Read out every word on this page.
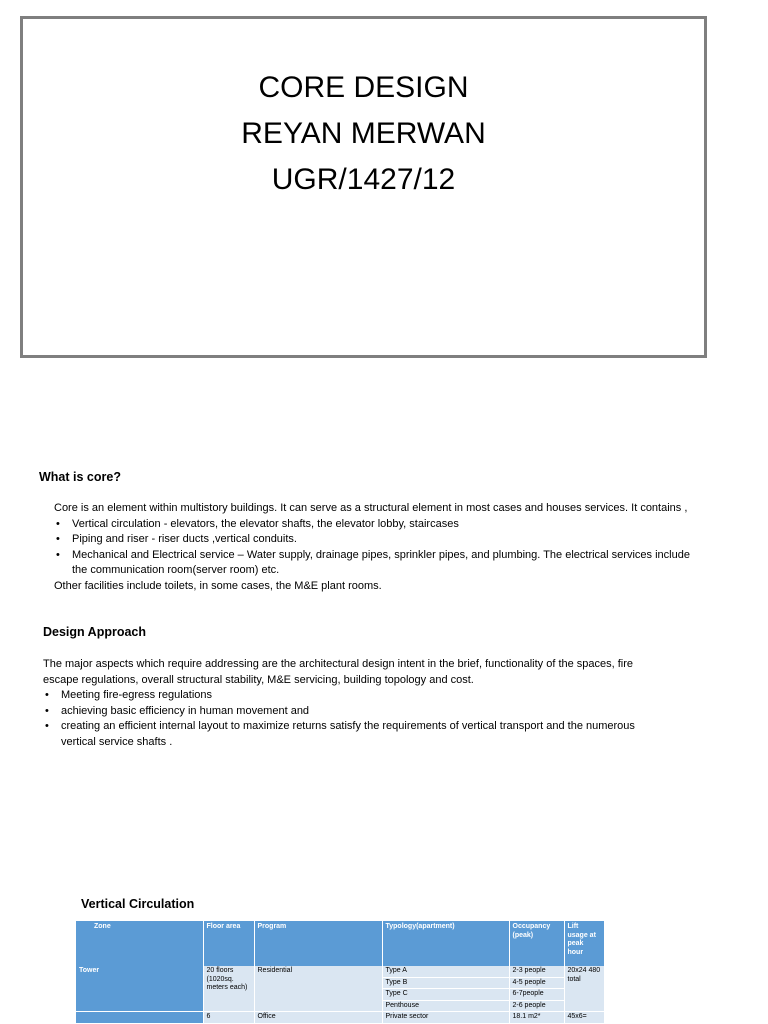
CORE DESIGN
REYAN MERWAN
UGR/1427/12
What is core?

Core is an element within multistory buildings. It can serve as a structural element in most cases and houses services. It contains ,

• Vertical circulation - elevators, the elevator shafts, the elevator lobby, staircases

• Piping and riser - riser ducts ,vertical conduits.

• Mechanical and Electrical service – Water supply, drainage pipes, sprinkler pipes, and plumbing. The electrical services include the communication room(server room) etc.

Other facilities include toilets, in some cases, the M&E plant rooms.

Design Approach

The major aspects which require addressing are the architectural design intent in the brief, functionality of the spaces, fire escape regulations, overall structural stability, M&E servicing, building topology and cost.

• Meeting fire-egress regulations

• achieving basic efficiency in human movement and

• creating an efficient internal layout to maximize returns satisfy the requirements of vertical transport and the numerous vertical service shafts .

Vertical Circulation
Zone	Floor area	Program	Typology(apartment)	Occupancy (peak)	Lift usage at peak hour
Tower	20 floors (1020sq. meters each)	Residential	Type A	2-3 people	20x24 480 total
			Type B	4-5 people	
			Type C	6-7people	
			Penthouse	2-6 people	
	6	Office	Private sector	18.1 m2*	45x6=
